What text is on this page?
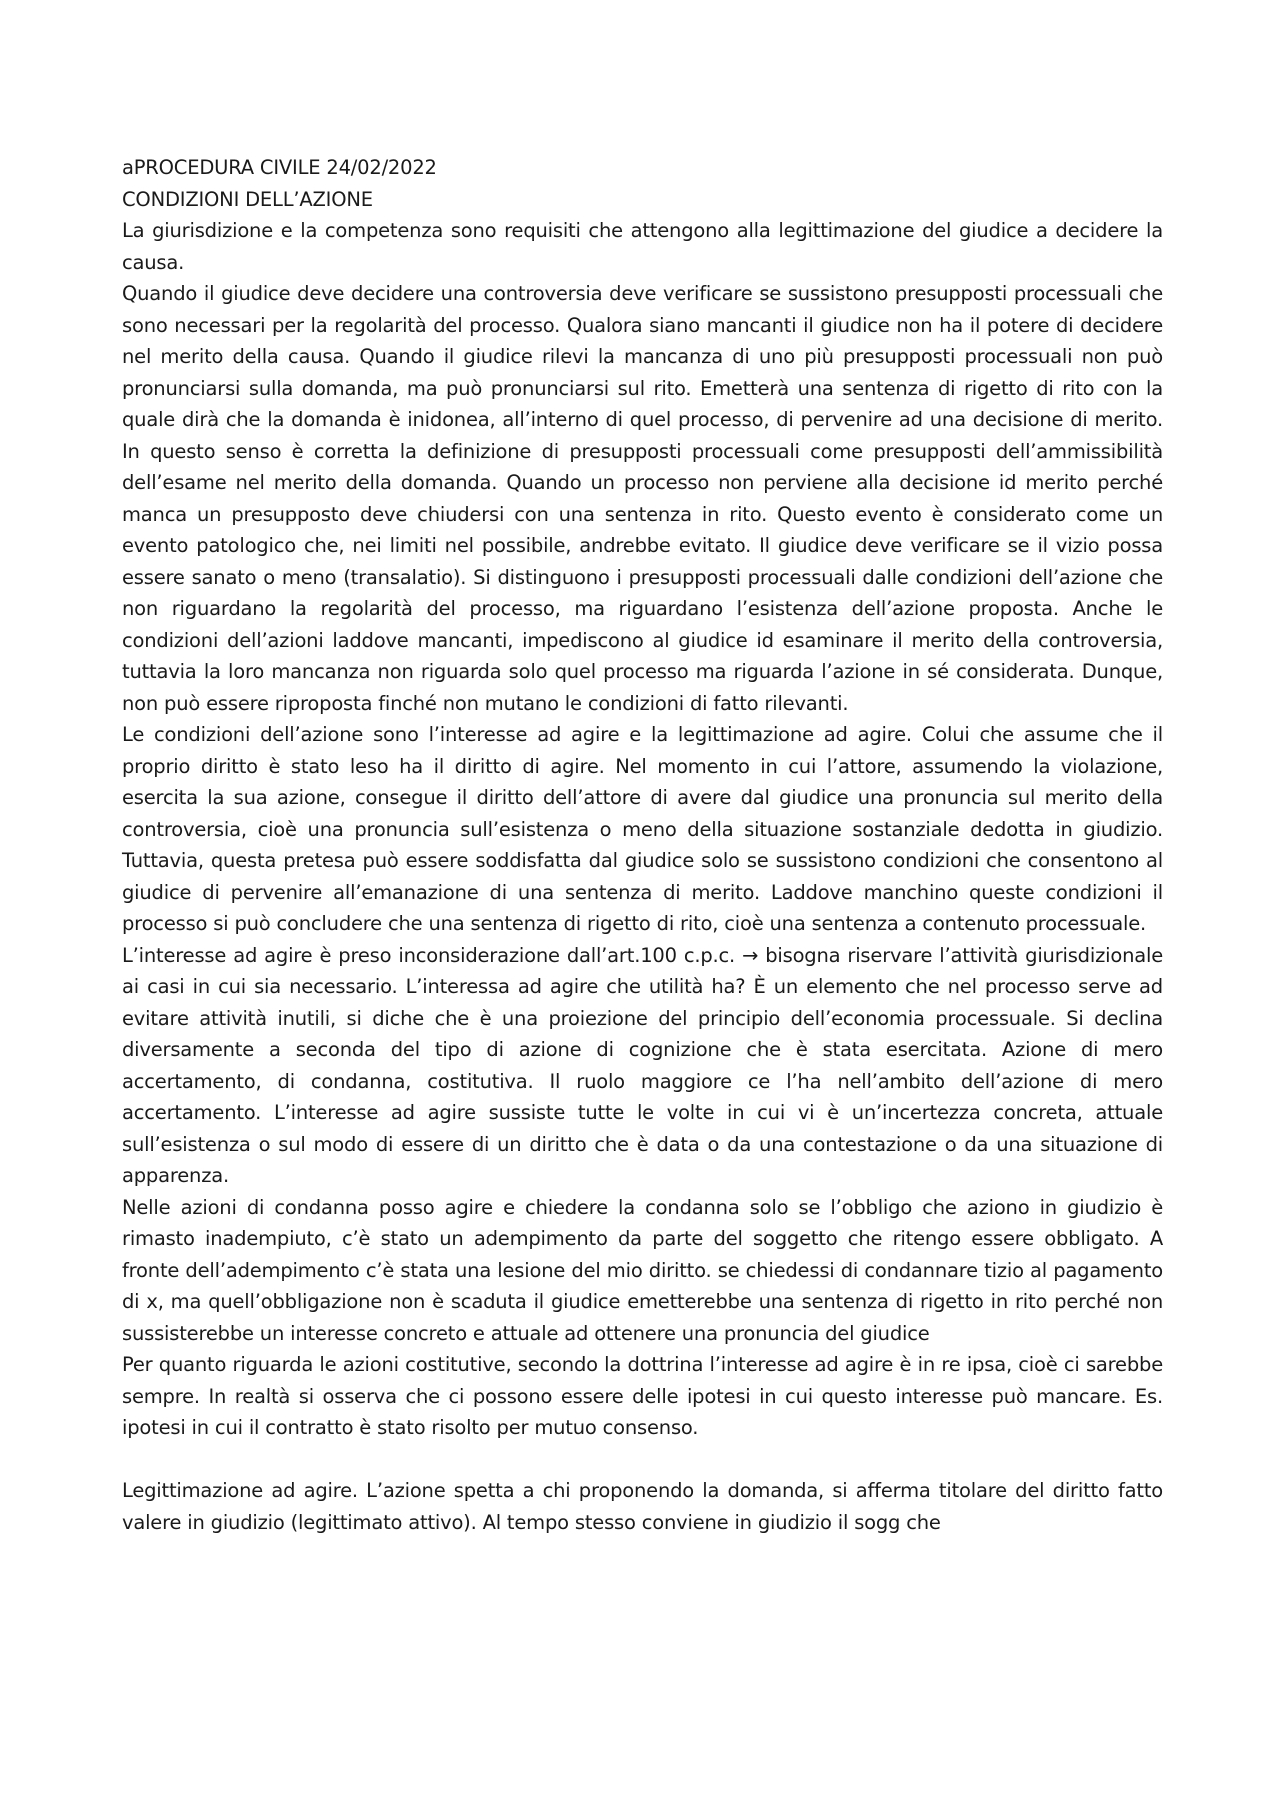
aPROCEDURA CIVILE 24/02/2022

CONDIZIONI DELL’AZIONE

La giurisdizione e la competenza sono requisiti che attengono alla legittimazione del giudice a decidere la causa.

Quando il giudice deve decidere una controversia deve verificare se sussistono presupposti processuali che sono necessari per la regolarità del processo. Qualora siano mancanti il giudice non ha il potere di decidere nel merito della causa. Quando il giudice rilevi la mancanza di uno più presupposti processuali non può pronunciarsi sulla domanda, ma può pronunciarsi sul rito. Emetterà una sentenza di rigetto di rito con la quale dirà che la domanda è inidonea, all’interno di quel processo, di pervenire ad una decisione di merito. In questo senso è corretta la definizione di presupposti processuali come presupposti dell’ammissibilità dell’esame nel merito della domanda. Quando un processo non perviene alla decisione id merito perché manca un presupposto deve chiudersi con una sentenza in rito. Questo evento è considerato come un evento patologico che, nei limiti nel possibile, andrebbe evitato. Il giudice deve verificare se il vizio possa essere sanato o meno (transalatio). Si distinguono i presupposti processuali dalle condizioni dell’azione che non riguardano la regolarità del processo, ma riguardano l’esistenza dell’azione proposta. Anche le condizioni dell’azioni laddove mancanti, impediscono al giudice id esaminare il merito della controversia, tuttavia la loro mancanza non riguarda solo quel processo ma riguarda l’azione in sé considerata. Dunque, non può essere riproposta finché non mutano le condizioni di fatto rilevanti.

Le condizioni dell’azione sono l’interesse ad agire e la legittimazione ad agire. Colui che assume che il proprio diritto è stato leso ha il diritto di agire. Nel momento in cui l’attore, assumendo la violazione, esercita la sua azione, consegue il diritto dell’attore di avere dal giudice una pronuncia sul merito della controversia, cioè una pronuncia sull’esistenza o meno della situazione sostanziale dedotta in giudizio. Tuttavia, questa pretesa può essere soddisfatta dal giudice solo se sussistono condizioni che consentono al giudice di pervenire all’emanazione di una sentenza di merito. Laddove manchino queste condizioni il processo si può concludere che una sentenza di rigetto di rito, cioè una sentenza a contenuto processuale.

L’interesse ad agire è preso inconsiderazione dall’art.100 c.p.c. → bisogna riservare l’attività giurisdizionale ai casi in cui sia necessario. L’interessa ad agire che utilità ha? È un elemento che nel processo serve ad evitare attività inutili, si diche che è una proiezione del principio dell’economia processuale. Si declina diversamente a seconda del tipo di azione di cognizione che è stata esercitata. Azione di mero accertamento, di condanna, costitutiva. Il ruolo maggiore ce l’ha nell’ambito dell’azione di mero accertamento. L’interesse ad agire sussiste tutte le volte in cui vi è un’incertezza concreta, attuale sull’esistenza o sul modo di essere di un diritto che è data o da una contestazione o da una situazione di apparenza.

Nelle azioni di condanna posso agire e chiedere la condanna solo se l’obbligo che aziono in giudizio è rimasto inadempiuto, c’è stato un adempimento da parte del soggetto che ritengo essere obbligato. A fronte dell’adempimento c’è stata una lesione del mio diritto. se chiedessi di condannare tizio al pagamento di x, ma quell’obbligazione non è scaduta il giudice emetterebbe una sentenza di rigetto in rito perché non sussisterebbe un interesse concreto e attuale ad ottenere una pronuncia del giudice

Per quanto riguarda le azioni costitutive, secondo la dottrina l’interesse ad agire è in re ipsa, cioè ci sarebbe sempre. In realtà si osserva che ci possono essere delle ipotesi in cui questo interesse può mancare. Es. ipotesi in cui il contratto è stato risolto per mutuo consenso.

Legittimazione ad agire. L’azione spetta a chi proponendo la domanda, si afferma titolare del diritto fatto valere in giudizio (legittimato attivo). Al tempo stesso conviene in giudizio il sogg che
